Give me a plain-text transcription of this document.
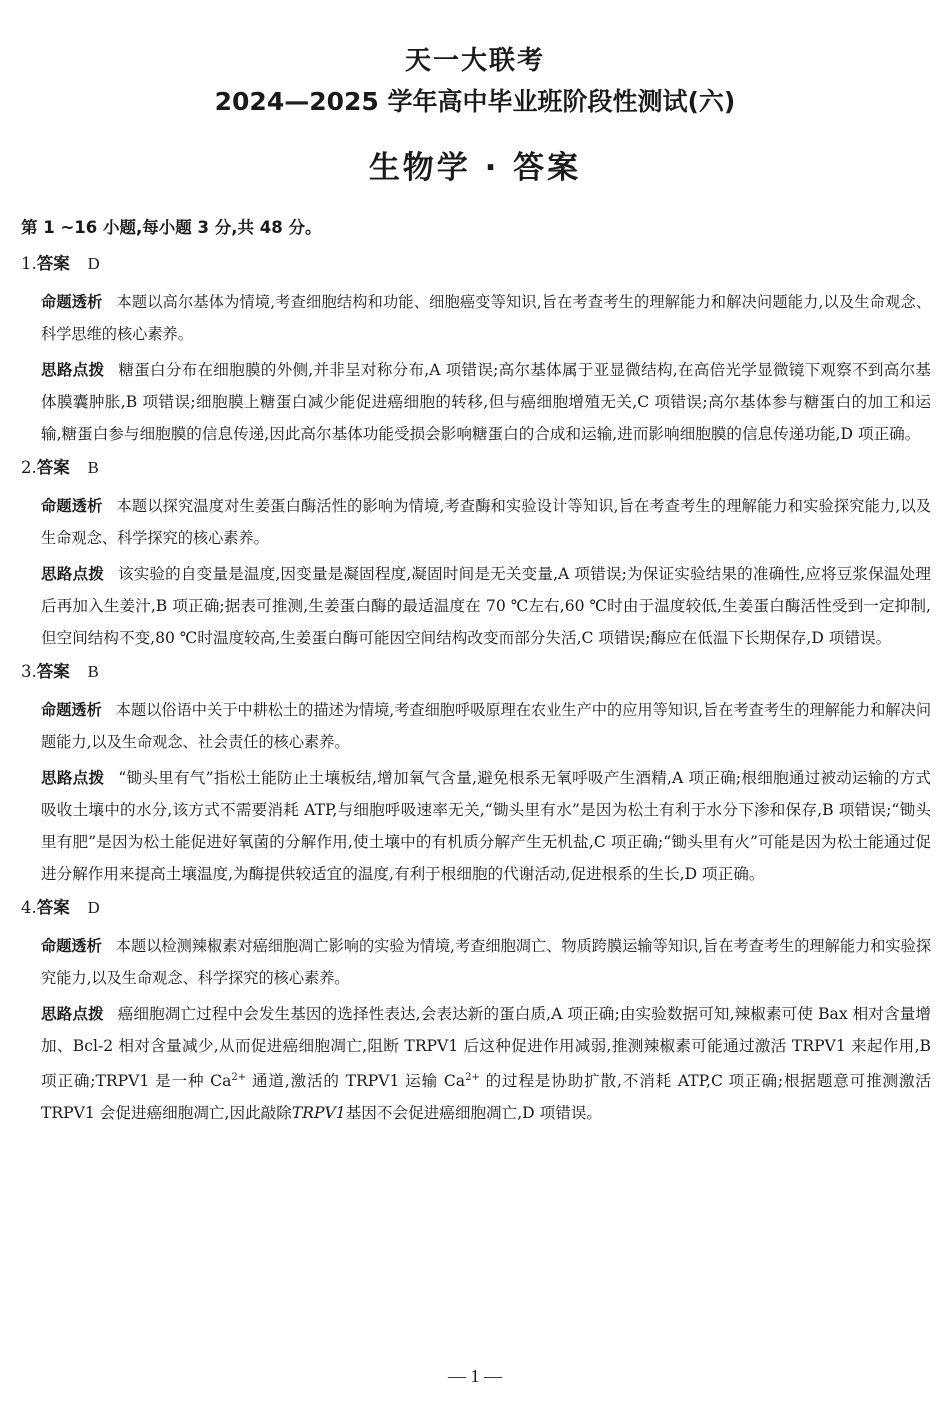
天一大联考
2024—2025 学年高中毕业班阶段性测试(六)
生物学 · 答案
第 1 ~16 小题,每小题 3 分,共 48 分。
1.答案 D
命题透析 本题以高尔基体为情境,考查细胞结构和功能、细胞癌变等知识,旨在考查考生的理解能力和解决问题能力,以及生命观念、科学思维的核心素养。
思路点拨 糖蛋白分布在细胞膜的外侧,并非呈对称分布,A 项错误;高尔基体属于亚显微结构,在高倍光学显微镜下观察不到高尔基体膜囊肿胀,B 项错误;细胞膜上糖蛋白减少能促进癌细胞的转移,但与癌细胞增殖无关,C 项错误;高尔基体参与糖蛋白的加工和运输,糖蛋白参与细胞膜的信息传递,因此高尔基体功能受损会影响糖蛋白的合成和运输,进而影响细胞膜的信息传递功能,D 项正确。
2.答案 B
命题透析 本题以探究温度对生姜蛋白酶活性的影响为情境,考查酶和实验设计等知识,旨在考查考生的理解能力和实验探究能力,以及生命观念、科学探究的核心素养。
思路点拨 该实验的自变量是温度,因变量是凝固程度,凝固时间是无关变量,A 项错误;为保证实验结果的准确性,应将豆浆保温处理后再加入生姜汁,B 项正确;据表可推测,生姜蛋白酶的最适温度在 70 ℃左右,60 ℃时由于温度较低,生姜蛋白酶活性受到一定抑制,但空间结构不变,80 ℃时温度较高,生姜蛋白酶可能因空间结构改变而部分失活,C 项错误;酶应在低温下长期保存,D 项错误。
3.答案 B
命题透析 本题以俗语中关于中耕松土的描述为情境,考查细胞呼吸原理在农业生产中的应用等知识,旨在考查考生的理解能力和解决问题能力,以及生命观念、社会责任的核心素养。
思路点拨 “锄头里有气”指松土能防止土壤板结,增加氧气含量,避免根系无氧呼吸产生酒精,A 项正确;根细胞通过被动运输的方式吸收土壤中的水分,该方式不需要消耗 ATP,与细胞呼吸速率无关,“锄头里有水”是因为松土有利于水分下渗和保存,B 项错误;“锄头里有肥”是因为松土能促进好氧菌的分解作用,使土壤中的有机质分解产生无机盐,C 项正确;“锄头里有火”可能是因为松土能通过促进分解作用来提高土壤温度,为酶提供较适宜的温度,有利于根细胞的代谢活动,促进根系的生长,D 项正确。
4.答案 D
命题透析 本题以检测辣椒素对癌细胞凋亡影响的实验为情境,考查细胞凋亡、物质跨膜运输等知识,旨在考查考生的理解能力和实验探究能力,以及生命观念、科学探究的核心素养。
思路点拨 癌细胞凋亡过程中会发生基因的选择性表达,会表达新的蛋白质,A 项正确;由实验数据可知,辣椒素可使 Bax 相对含量增加、Bcl-2 相对含量减少,从而促进癌细胞凋亡,阻断 TRPV1 后这种促进作用减弱,推测辣椒素可能通过激活 TRPV1 来起作用,B 项正确;TRPV1 是一种 $Ca^{2+}$ 通道,激活的 TRPV1 运输 $Ca^{2+}$ 的过程是协助扩散,不消耗 ATP,C 项正确;根据题意可推测激活 TRPV1 会促进癌细胞凋亡,因此敲除TRPV1基因不会促进癌细胞凋亡,D 项错误。
— 1 —
